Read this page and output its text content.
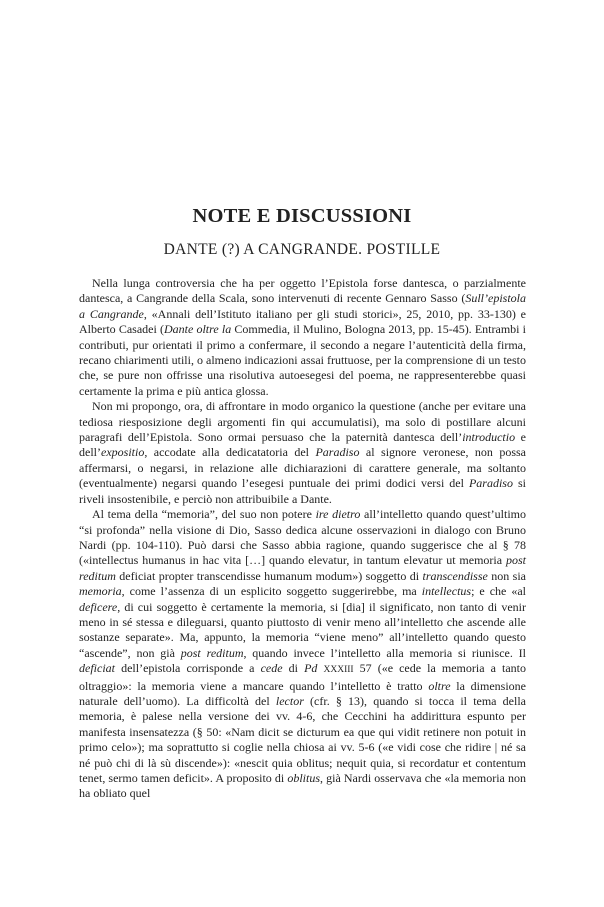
NOTE E DISCUSSIONI
DANTE (?) A CANGRANDE. POSTILLE

Nella lunga controversia che ha per oggetto l’Epistola forse dantesca, o parzialmente dantesca, a Cangrande della Scala, sono intervenuti di recente Gennaro Sasso (Sull’epistola a Cangrande, «Annali dell’Istituto italiano per gli studi storici», 25, 2010, pp. 33-130) e Alberto Casadei (Dante oltre la Commedia, il Mulino, Bologna 2013, pp. 15-45). Entrambi i contributi, pur orientati il primo a confermare, il secondo a negare l’autenticità della firma, recano chiarimenti utili, o almeno indicazioni assai fruttuose, per la comprensione di un testo che, se pure non offrisse una risolutiva autoesegesi del poema, ne rappresenterebbe quasi certamente la prima e più antica glossa.

Non mi propongo, ora, di affrontare in modo organico la questione (anche per evitare una tediosa riesposizione degli argomenti fin qui accumulatisi), ma solo di postillare alcuni paragrafi dell’Epistola. Sono ormai persuaso che la paternità dantesca dell’introductio e dell’expositio, accodate alla dedicatatoria del Paradiso al signore veronese, non possa affermarsi, o negarsi, in relazione alle dichiarazioni di carattere generale, ma soltanto (eventualmente) negarsi quando l’esegesi puntuale dei primi dodici versi del Paradiso si riveli insostenibile, e perciò non attribuibile a Dante.

Al tema della “memoria”, del suo non potere ire dietro all’intelletto quando quest’ultimo “si profonda” nella visione di Dio, Sasso dedica alcune osservazioni in dialogo con Bruno Nardi (pp. 104-110). Può darsi che Sasso abbia ragione, quando suggerisce che al § 78 («intellectus humanus in hac vita […] quando elevatur, in tantum elevatur ut memoria post reditum deficiat propter transcendisse humanum modum») soggetto di transcendisse non sia memoria, come l’assenza di un esplicito soggetto suggerirebbe, ma intellectus; e che «al deficere, di cui soggetto è certamente la memoria, si [dia] il significato, non tanto di venir meno in sé stessa e dileguarsi, quanto piuttosto di venir meno all’intelletto che ascende alle sostanze separate». Ma, appunto, la memoria “viene meno” all’intelletto quando questo “ascende”, non già post reditum, quando invece l’intelletto alla memoria si riunisce. Il deficiat dell’epistola corrisponde a cede di Pd XXXIII 57 («e cede la memoria a tanto oltraggio»: la memoria viene a mancare quando l’intelletto è tratto oltre la dimensione naturale dell’uomo). La difficoltà del lector (cfr. § 13), quando si tocca il tema della memoria, è palese nella versione dei vv. 4-6, che Cecchini ha addirittura espunto per manifesta insensatezza (§ 50: «Nam dicit se dicturum ea que qui vidit retinere non potuit in primo celo»); ma soprattutto si coglie nella chiosa ai vv. 5-6 («e vidi cose che ridire | né sa né può chi di là sù discende»): «nescit quia oblitus; nequit quia, si recordatur et contentum tenet, sermo tamen deficit». A proposito di oblitus, già Nardi osservava che «la memoria non ha obliato quel
